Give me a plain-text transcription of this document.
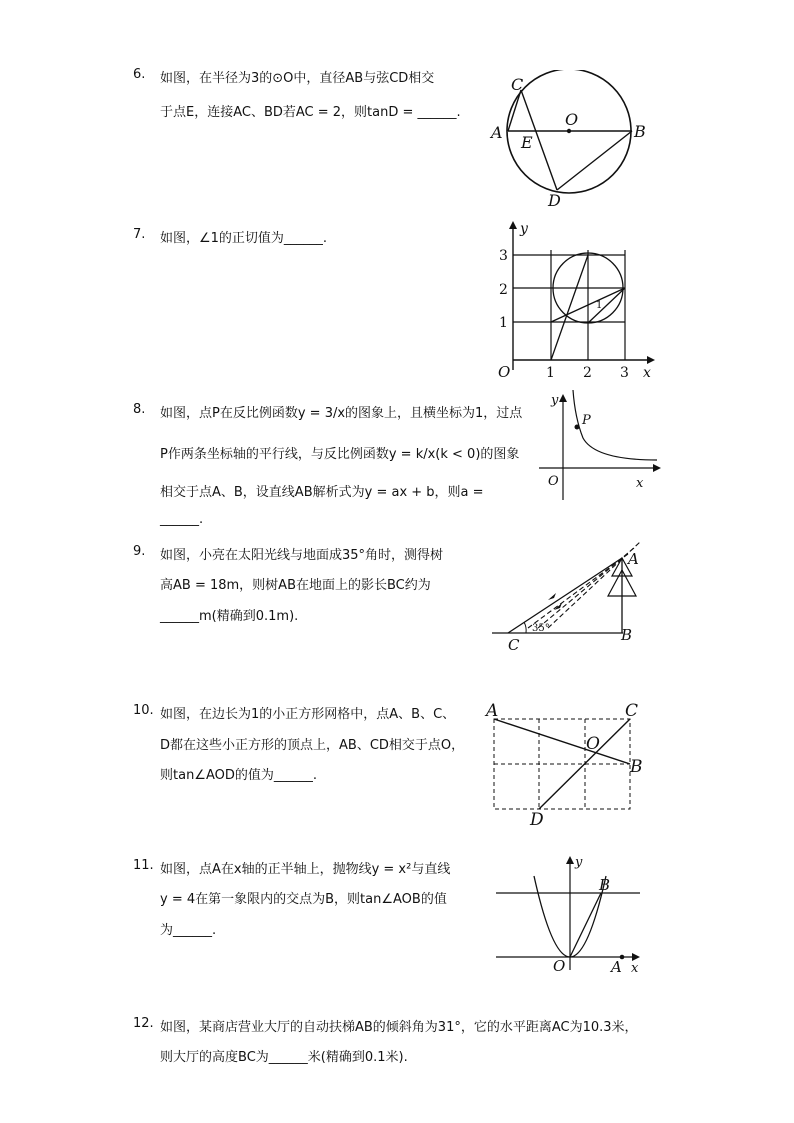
6. 如图，在半径为3的⊙O中，直径AB与弦CD相交
于点E，连接AC、BD若AC = 2，则tanD = ______.
C
O
A
E
B
D
7. 如图，∠1的正切值为______.
y
3
2
1
O	1 2 3 x
1
8. 如图，点P在反比例函数y = 3/x的图象上，且横坐标为1，过点
P作两条坐标轴的平行线，与反比例函数y = k/x(k < 0)的图象
相交于点A、B，设直线AB解析式为y = ax + b，则a =
______.
y
P
O	x
9. 如图，小亮在太阳光线与地面成35°角时，测得树
高AB = 18m，则树AB在地面上的影长BC约为
______m(精确到0.1m).
A
35°
C
B
10. 如图，在边长为1的小正方形网格中，点A、B、C、
D都在这些小正方形的顶点上，AB、CD相交于点O，
则tan∠AOD的值为______.
A	C
O
B
D
11. 如图，点A在x轴的正半轴上，抛物线y = x²与直线
y = 4在第一象限内的交点为B，则tan∠AOB的值
为______.
y
B
O	A x
12. 如图，某商店营业大厅的自动扶梯AB的倾斜角为31°，它的水平距离AC为10.3米，
则大厅的高度BC为______米(精确到0.1米).
